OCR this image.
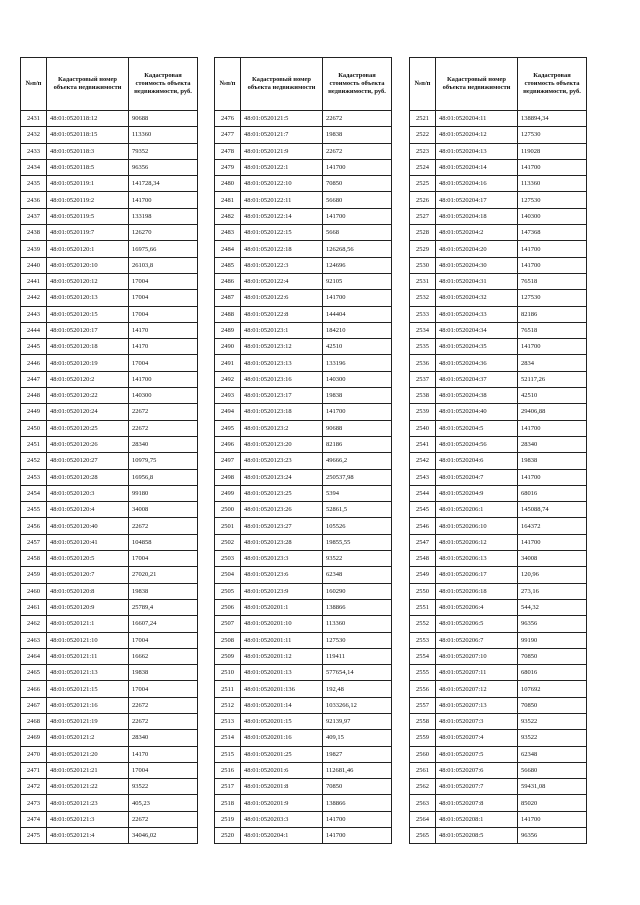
№п/п	Кадастровый номер объекта недвижимости	Кадастровая стоимость объекта недвижимости, руб.
2431	48:01:0520118:12	90688
2432	48:01:0520118:15	113360
2433	48:01:0520118:3	79352
2434	48:01:0520118:5	96356
2435	48:01:0520119:1	141728,34
2436	48:01:0520119:2	141700
2437	48:01:0520119:5	133198
2438	48:01:0520119:7	126270
2439	48:01:0520120:1	16975,66
2440	48:01:0520120:10	26103,8
2441	48:01:0520120:12	17004
2442	48:01:0520120:13	17004
2443	48:01:0520120:15	17004
2444	48:01:0520120:17	14170
2445	48:01:0520120:18	14170
2446	48:01:0520120:19	17004
2447	48:01:0520120:2	141700
2448	48:01:0520120:22	140300
2449	48:01:0520120:24	22672
2450	48:01:0520120:25	22672
2451	48:01:0520120:26	28340
2452	48:01:0520120:27	10979,75
2453	48:01:0520120:28	16956,8
2454	48:01:0520120:3	99180
2455	48:01:0520120:4	34008
2456	48:01:0520120:40	22672
2457	48:01:0520120:41	104858
2458	48:01:0520120:5	17004
2459	48:01:0520120:7	27020,21
2460	48:01:0520120:8	19838
2461	48:01:0520120:9	25789,4
2462	48:01:0520121:1	16607,24
2463	48:01:0520121:10	17004
2464	48:01:0520121:11	16662
2465	48:01:0520121:13	19838
2466	48:01:0520121:15	17004
2467	48:01:0520121:16	22672
2468	48:01:0520121:19	22672
2469	48:01:0520121:2	28340
2470	48:01:0520121:20	14170
2471	48:01:0520121:21	17004
2472	48:01:0520121:22	93522
2473	48:01:0520121:23	405,23
2474	48:01:0520121:3	22672
2475	48:01:0520121:4	34046,02
№п/п	Кадастровый номер объекта недвижимости	Кадастровая стоимость объекта недвижимости, руб.
2476	48:01:0520121:5	22672
2477	48:01:0520121:7	19838
2478	48:01:0520121:9	22672
2479	48:01:0520122:1	141700
2480	48:01:0520122:10	70850
2481	48:01:0520122:11	56680
2482	48:01:0520122:14	141700
2483	48:01:0520122:15	5668
2484	48:01:0520122:18	126268,56
2485	48:01:0520122:3	124696
2486	48:01:0520122:4	92105
2487	48:01:0520122:6	141700
2488	48:01:0520122:8	144404
2489	48:01:0520123:1	184210
2490	48:01:0520123:12	42510
2491	48:01:0520123:13	133196
2492	48:01:0520123:16	140300
2493	48:01:0520123:17	19838
2494	48:01:0520123:18	141700
2495	48:01:0520123:2	90688
2496	48:01:0520123:20	82186
2497	48:01:0520123:23	49666,2
2498	48:01:0520123:24	250537,98
2499	48:01:0520123:25	5394
2500	48:01:0520123:26	52861,5
2501	48:01:0520123:27	105526
2502	48:01:0520123:28	19855,55
2503	48:01:0520123:3	93522
2504	48:01:0520123:6	62348
2505	48:01:0520123:9	160290
2506	48:01:0520201:1	138866
2507	48:01:0520201:10	113360
2508	48:01:0520201:11	127530
2509	48:01:0520201:12	119411
2510	48:01:0520201:13	577654,14
2511	48:01:0520201:136	192,48
2512	48:01:0520201:14	1033266,12
2513	48:01:0520201:15	92139,97
2514	48:01:0520201:16	409,15
2515	48:01:0520201:25	19827
2516	48:01:0520201:6	112681,46
2517	48:01:0520201:8	70850
2518	48:01:0520201:9	138866
2519	48:01:0520203:3	141700
2520	48:01:0520204:1	141700
№п/п	Кадастровый номер объекта недвижимости	Кадастровая стоимость объекта недвижимости, руб.
2521	48:01:0520204:11	138894,34
2522	48:01:0520204:12	127530
2523	48:01:0520204:13	119028
2524	48:01:0520204:14	141700
2525	48:01:0520204:16	113360
2526	48:01:0520204:17	127530
2527	48:01:0520204:18	140300
2528	48:01:0520204:2	147368
2529	48:01:0520204:20	141700
2530	48:01:0520204:30	141700
2531	48:01:0520204:31	76518
2532	48:01:0520204:32	127530
2533	48:01:0520204:33	82186
2534	48:01:0520204:34	76518
2535	48:01:0520204:35	141700
2536	48:01:0520204:36	2834
2537	48:01:0520204:37	52117,26
2538	48:01:0520204:38	42510
2539	48:01:0520204:40	29406,88
2540	48:01:0520204:5	141700
2541	48:01:0520204:56	28340
2542	48:01:0520204:6	19838
2543	48:01:0520204:7	141700
2544	48:01:0520204:9	68016
2545	48:01:0520206:1	145088,74
2546	48:01:0520206:10	164372
2547	48:01:0520206:12	141700
2548	48:01:0520206:13	34008
2549	48:01:0520206:17	120,96
2550	48:01:0520206:18	273,16
2551	48:01:0520206:4	544,32
2552	48:01:0520206:5	96356
2553	48:01:0520206:7	99190
2554	48:01:0520207:10	70850
2555	48:01:0520207:11	68016
2556	48:01:0520207:12	107692
2557	48:01:0520207:13	70850
2558	48:01:0520207:3	93522
2559	48:01:0520207:4	93522
2560	48:01:0520207:5	62348
2561	48:01:0520207:6	56680
2562	48:01:0520207:7	59431,08
2563	48:01:0520207:8	85020
2564	48:01:0520208:1	141700
2565	48:01:0520208:5	96356
